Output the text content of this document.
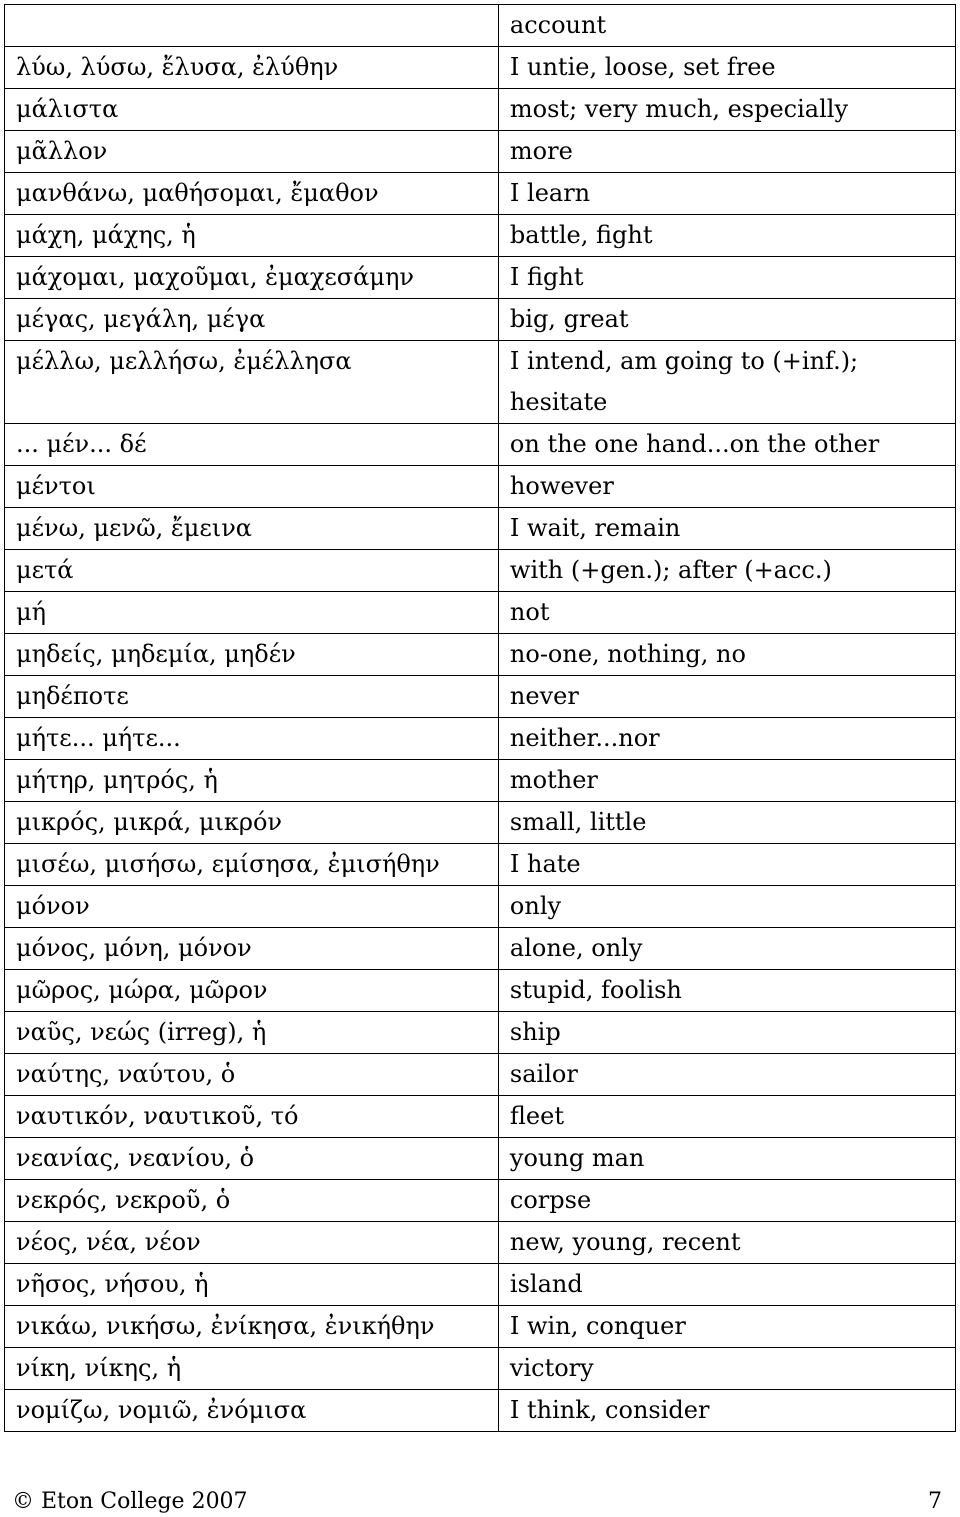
	account
λύω, λύσω, ἔλυσα, ἐλύθην	I untie, loose, set free
μάλιστα	most; very much, especially
μᾶλλον	more
μανθάνω, μαθήσομαι, ἔμαθον	I learn
μάχη, μάχης, ἡ	battle, fight
μάχομαι, μαχοῦμαι, ἐμαχεσάμην	I fight
μέγας, μεγάλη, μέγα	big, great
μέλλω, μελλήσω, ἐμέλλησα	I intend, am going to (+inf.); hesitate
... μέν... δέ	on the one hand...on the other
μέντοι	however
μένω, μενῶ, ἔμεινα	I wait, remain
μετά	with (+gen.); after (+acc.)
μή	not
μηδείς, μηδεμία, μηδέν	no-one, nothing, no
μηδέποτε	never
μήτε... μήτε...	neither...nor
μήτηρ, μητρός, ἡ	mother
μικρός, μικρά, μικρόν	small, little
μισέω, μισήσω, εμίσησα, ἐμισήθην	I hate
μόνον	only
μόνος, μόνη, μόνον	alone, only
μῶρος, μώρα, μῶρον	stupid, foolish
ναῦς, νεώς (irreg), ἡ	ship
ναύτης, ναύτου, ὁ	sailor
ναυτικόν, ναυτικοῦ, τό	fleet
νεανίας, νεανίου, ὁ	young man
νεκρός, νεκροῦ, ὁ	corpse
νέος, νέα, νέον	new, young, recent
νῆσος, νήσου, ἡ	island
νικάω, νικήσω, ἐνίκησα, ἐνικήθην	I win, conquer
νίκη, νίκης, ἡ	victory
νομίζω, νομιῶ, ἐνόμισα	I think, consider
© Eton College 2007	7
